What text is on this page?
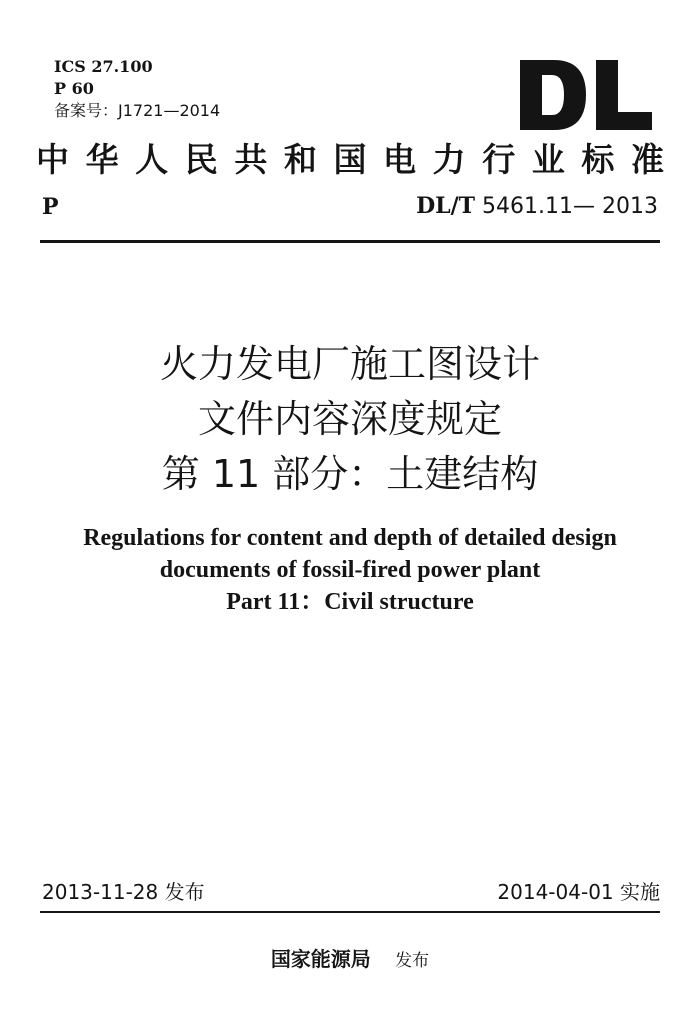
ICS 27.100
P 60
备案号：J1721—2014
中 华 人 民 共 和 国 电 力 行 业 标 准
P	DL/T 5461.11— 2013
火力发电厂施工图设计
文件内容深度规定
第 11 部分：土建结构
Regulations for content and depth of detailed design
documents of fossil-fired power plant
Part 11：Civil structure
2013-11-28 发布	2014-04-01 实施
国家能源局 发布
